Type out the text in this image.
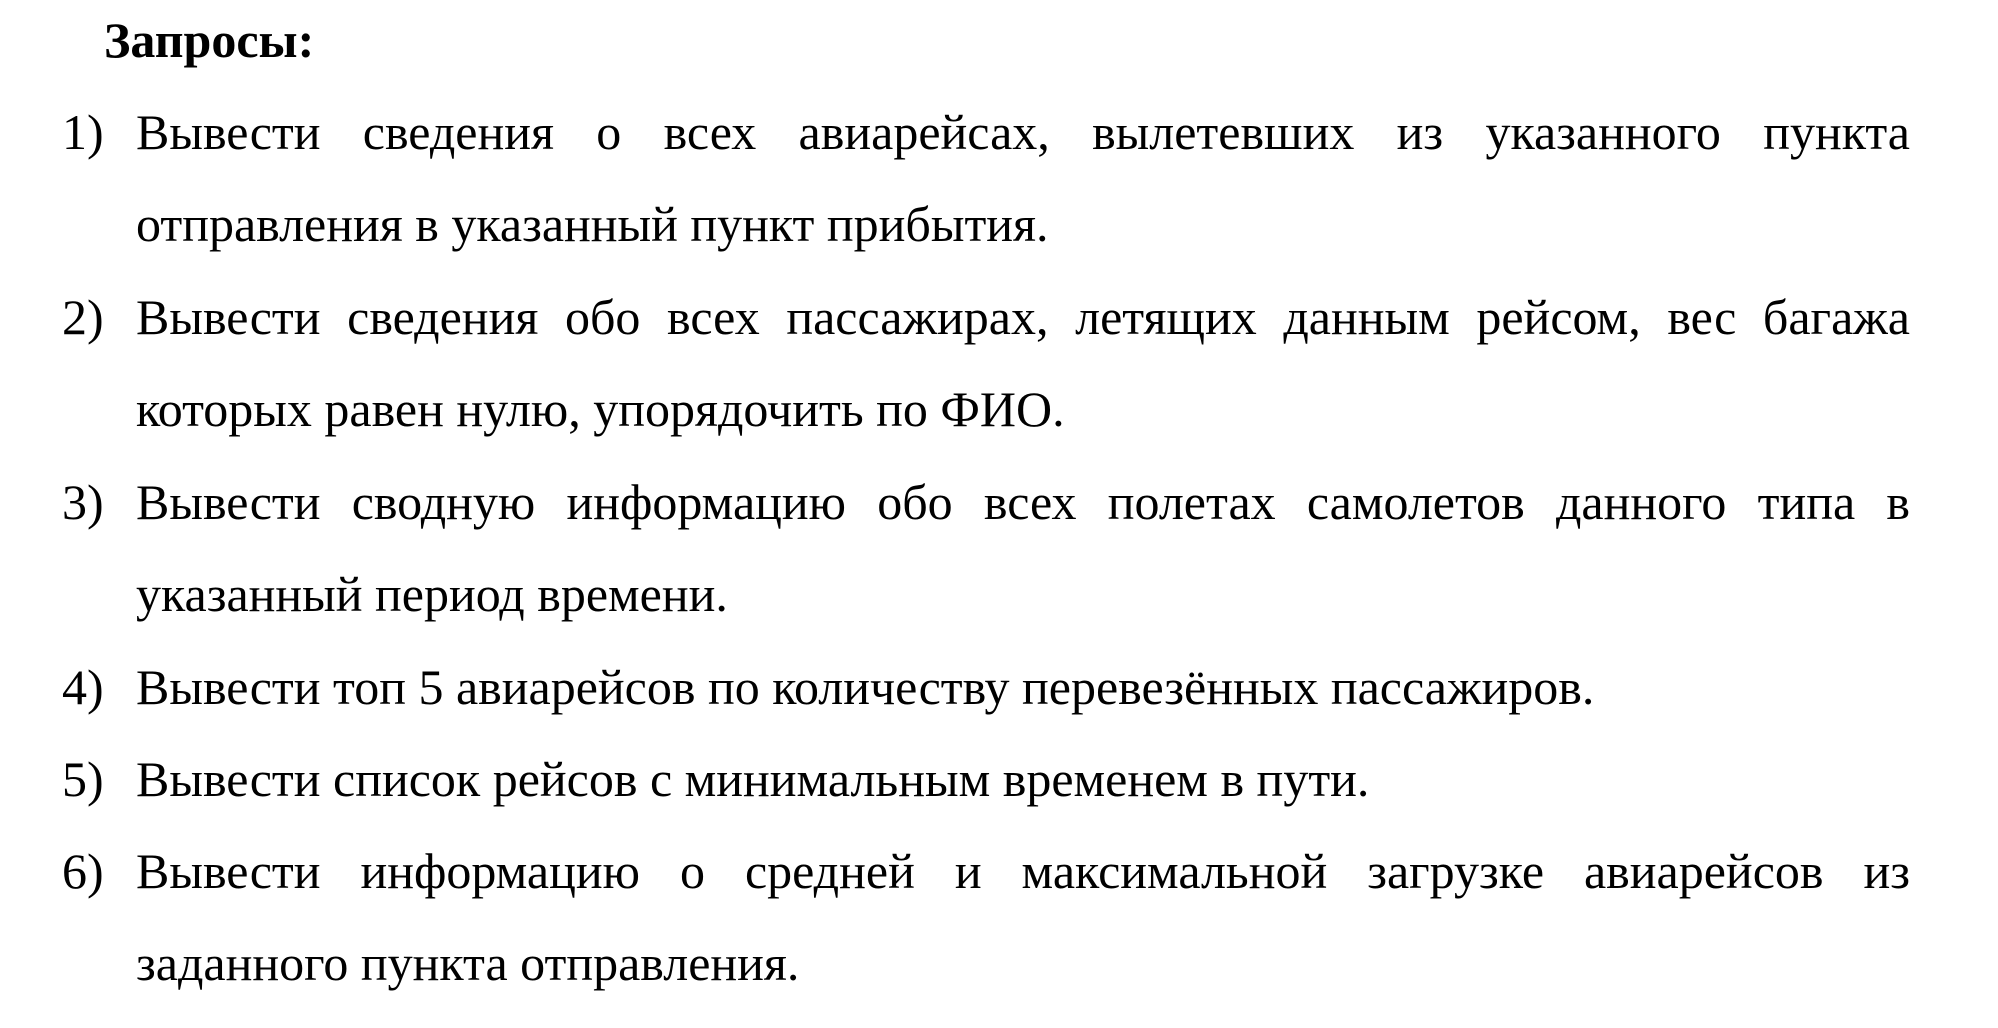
Запросы:
1) Вывести сведения о всех авиарейсах, вылетевших из указанного пункта отправления в указанный пункт прибытия.
2) Вывести сведения обо всех пассажирах, летящих данным рейсом, вес багажа которых равен нулю, упорядочить по ФИО.
3) Вывести сводную информацию обо всех полетах самолетов данного типа в указанный период времени.
4) Вывести топ 5 авиарейсов по количеству перевезённых пассажиров.
5) Вывести список рейсов с минимальным временем в пути.
6) Вывести информацию о средней и максимальной загрузке авиарейсов из заданного пункта отправления.
